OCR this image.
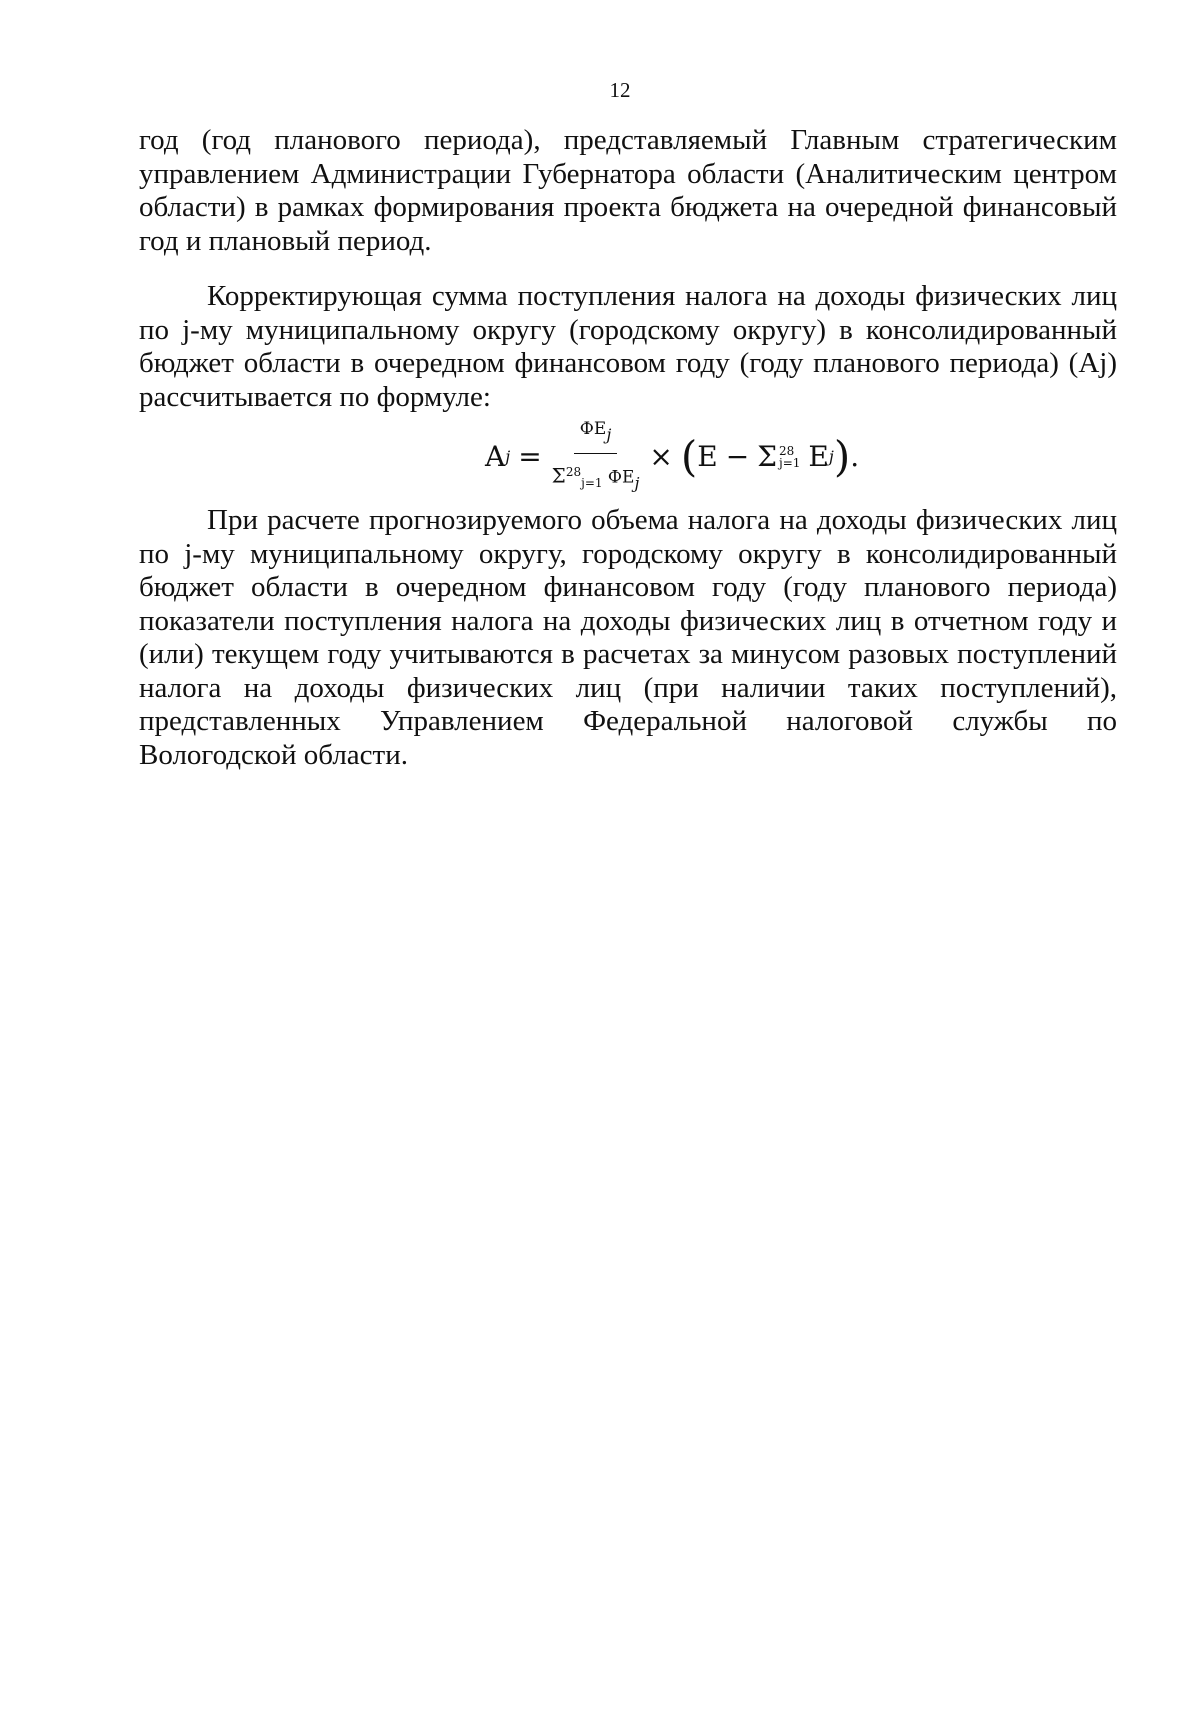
12

год (год планового периода), представляемый Главным стратегическим управлением Администрации Губернатора области (Аналитическим центром области) в рамках формирования проекта бюджета на очередной финансовый год и плановый период.

Корректирующая сумма поступления налога на доходы физических лиц по j-му муниципальному округу (городскому округу) в консолидированный бюджет области в очередном финансовом году (году планового периода) (Aj) рассчитывается по формуле:

A $j = \frac{\text{ФEj}}{\Sigma^{28}_{j=1} ФEj}$ × ( E − Σ 28
j=1 E j ) .

При расчете прогнозируемого объема налога на доходы физических лиц по j-му муниципальному округу, городскому округу в консолидированный бюджет области в очередном финансовом году (году планового периода) показатели поступления налога на доходы физических лиц в отчетном году и (или) текущем году учитываются в расчетах за минусом разовых поступлений налога на доходы физических лиц (при наличии таких поступлений), представленных Управлением Федеральной налоговой службы по Вологодской области.
